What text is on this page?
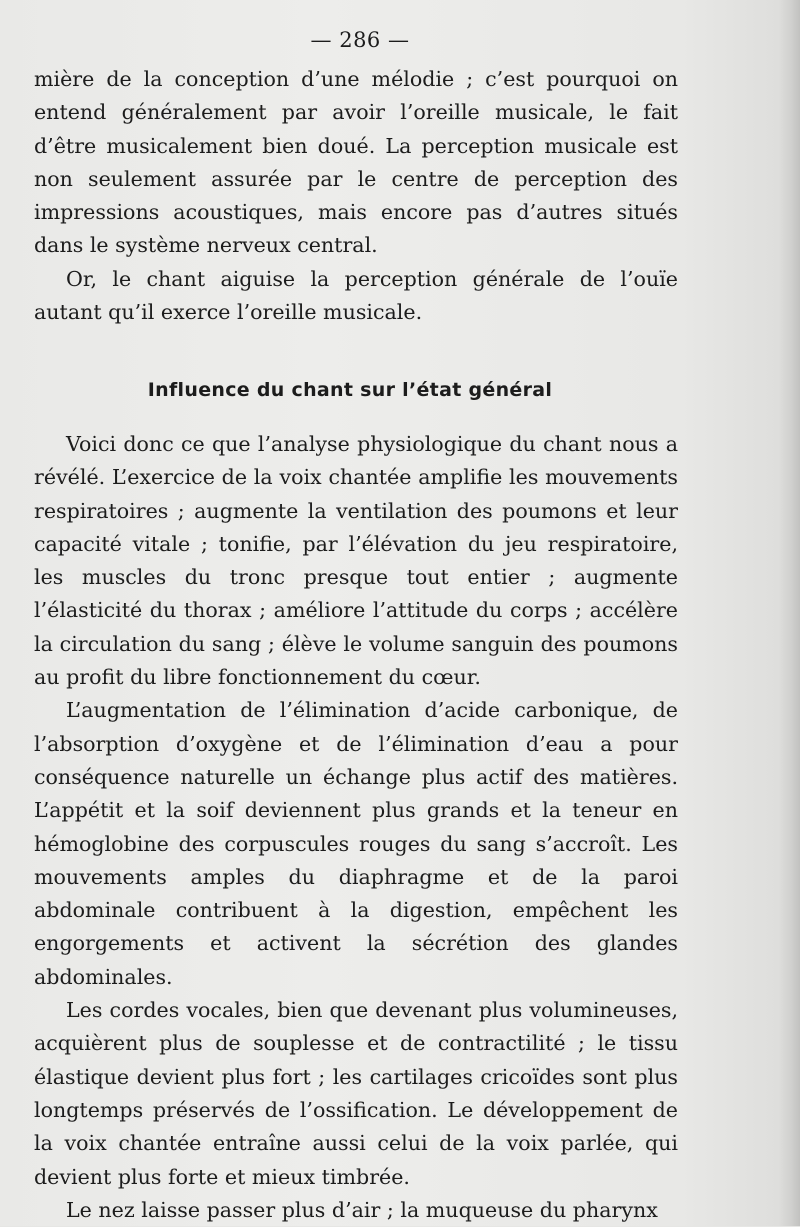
— 286 —

mière de la conception d’une mélodie ; c’est pourquoi on entend généralement par avoir l’oreille musicale, le fait d’être musicalement bien doué. La perception musicale est non seulement assurée par le centre de perception des impressions acoustiques, mais encore pas d’autres situés dans le système nerveux central.

Or, le chant aiguise la perception générale de l’ouïe autant qu’il exerce l’oreille musicale.

Influence du chant sur l’état général

Voici donc ce que l’analyse physiologique du chant nous a révélé. L’exercice de la voix chantée amplifie les mouvements respiratoires ; augmente la ventilation des poumons et leur capacité vitale ; tonifie, par l’élévation du jeu respiratoire, les muscles du tronc presque tout entier ; augmente l’élasticité du thorax ; améliore l’attitude du corps ; accélère la circulation du sang ; élève le volume sanguin des poumons au profit du libre fonctionnement du cœur.

L’augmentation de l’élimination d’acide carbonique, de l’absorption d’oxygène et de l’élimination d’eau a pour conséquence naturelle un échange plus actif des matières. L’appétit et la soif deviennent plus grands et la teneur en hémoglobine des corpuscules rouges du sang s’accroît. Les mouvements amples du diaphragme et de la paroi abdominale contribuent à la digestion, empêchent les engorgements et activent la sécrétion des glandes abdominales.

Les cordes vocales, bien que devenant plus volumineuses, acquièrent plus de souplesse et de contractilité ; le tissu élastique devient plus fort ; les cartilages cricoïdes sont plus longtemps préservés de l’ossification. Le développement de la voix chantée entraîne aussi celui de la voix parlée, qui devient plus forte et mieux timbrée.

Le nez laisse passer plus d’air ; la muqueuse du pharynx
